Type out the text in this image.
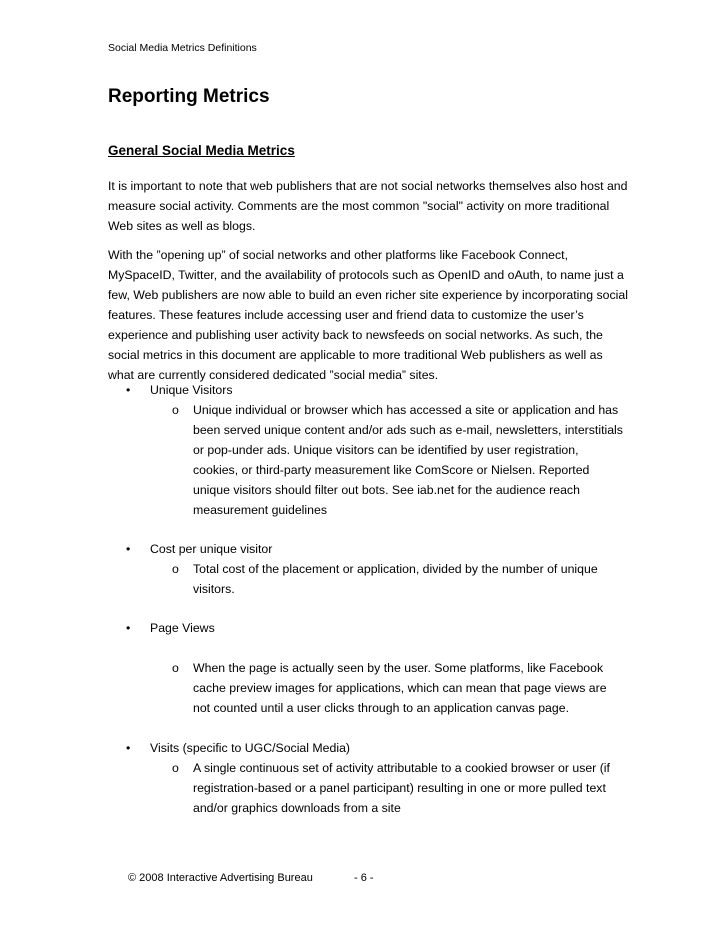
Social Media Metrics Definitions
Reporting Metrics
General Social Media Metrics

It is important to note that web publishers that are not social networks themselves also host and measure social activity. Comments are the most common "social" activity on more traditional Web sites as well as blogs.

With the ”opening up” of social networks and other platforms like Facebook Connect, MySpaceID, Twitter, and the availability of protocols such as OpenID and oAuth, to name just a few, Web publishers are now able to build an even richer site experience by incorporating social features. These features include accessing user and friend data to customize the user’s experience and publishing user activity back to newsfeeds on social networks. As such, the social metrics in this document are applicable to more traditional Web publishers as well as what are currently considered dedicated ”social media” sites.

• Unique Visitors
o Unique individual or browser which has accessed a site or application and has been served unique content and/or ads such as e-mail, newsletters, interstitials or pop-under ads. Unique visitors can be identified by user registration, cookies, or third-party measurement like ComScore or Nielsen. Reported unique visitors should filter out bots. See iab.net for the audience reach measurement guidelines

• Cost per unique visitor
o Total cost of the placement or application, divided by the number of unique visitors.

• Page Views
o When the page is actually seen by the user. Some platforms, like Facebook cache preview images for applications, which can mean that page views are not counted until a user clicks through to an application canvas page.

• Visits (specific to UGC/Social Media)
o A single continuous set of activity attributable to a cookied browser or user (if registration-based or a panel participant) resulting in one or more pulled text and/or graphics downloads from a site

© 2008 Interactive Advertising Bureau	- 6 -
